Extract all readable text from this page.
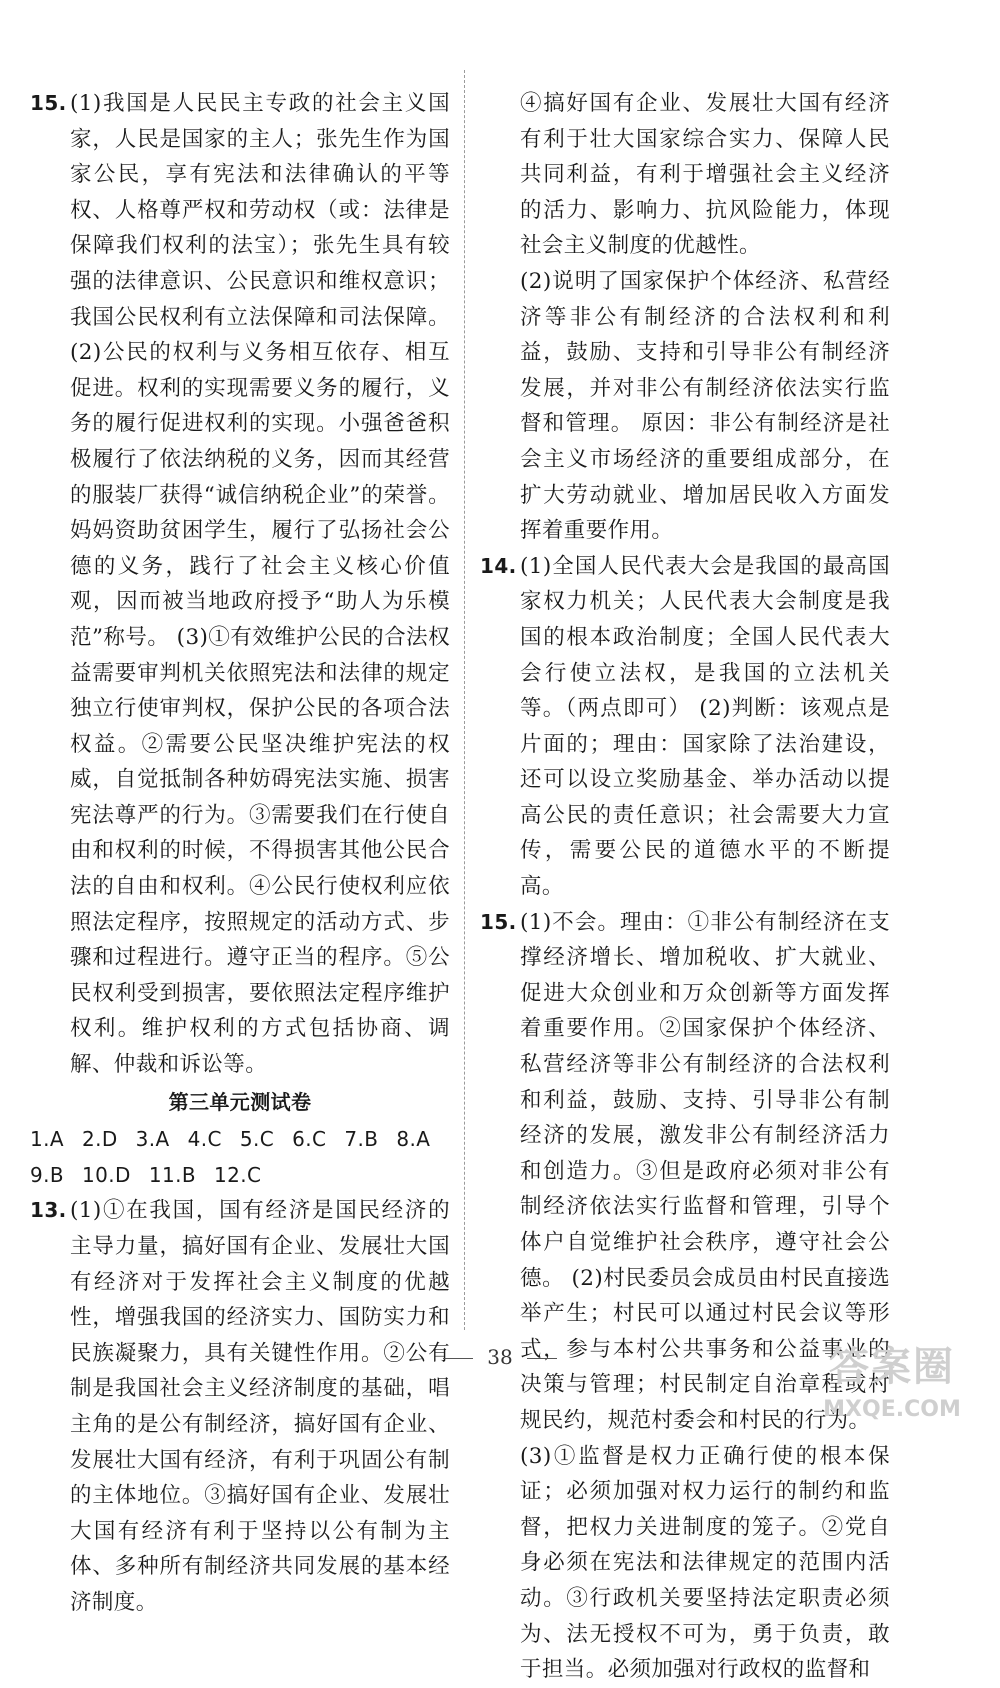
15. (1)我国是人民民主专政的社会主义国家，人民是国家的主人；张先生作为国家公民，享有宪法和法律确认的平等权、人格尊严权和劳动权（或：法律是保障我们权利的法宝）；张先生具有较强的法律意识、公民意识和维权意识；我国公民权利有立法保障和司法保障。 (2)公民的权利与义务相互依存、相互促进。权利的实现需要义务的履行，义务的履行促进权利的实现。小强爸爸积极履行了依法纳税的义务，因而其经营的服装厂获得“诚信纳税企业”的荣誉。妈妈资助贫困学生，履行了弘扬社会公德的义务，践行了社会主义核心价值观，因而被当地政府授予“助人为乐模范”称号。 (3)①有效维护公民的合法权益需要审判机关依照宪法和法律的规定独立行使审判权，保护公民的各项合法权益。②需要公民坚决维护宪法的权威，自觉抵制各种妨碍宪法实施、损害宪法尊严的行为。③需要我们在行使自由和权利的时候，不得损害其他公民合法的自由和权利。④公民行使权利应依照法定程序，按照规定的活动方式、步骤和过程进行。遵守正当的程序。⑤公民权利受到损害，要依照法定程序维护权利。维护权利的方式包括协商、调解、仲裁和诉讼等。
第三单元测试卷
1.A 2.D 3.A 4.C 5.C 6.C 7.B 8.A
9.B 10.D 11.B 12.C
13. (1)①在我国，国有经济是国民经济的主导力量，搞好国有企业、发展壮大国有经济对于发挥社会主义制度的优越性，增强我国的经济实力、国防实力和民族凝聚力，具有关键性作用。②公有制是我国社会主义经济制度的基础，唱主角的是公有制经济，搞好国有企业、发展壮大国有经济，有利于巩固公有制的主体地位。③搞好国有企业、发展壮大国有经济有利于坚持以公有制为主体、多种所有制经济共同发展的基本经济制度。
④搞好国有企业、发展壮大国有经济有利于壮大国家综合实力、保障人民共同利益，有利于增强社会主义经济的活力、影响力、抗风险能力，体现社会主义制度的优越性。
(2)说明了国家保护个体经济、私营经济等非公有制经济的合法权利和利益，鼓励、支持和引导非公有制经济发展，并对非公有制经济依法实行监督和管理。 原因：非公有制经济是社会主义市场经济的重要组成部分，在扩大劳动就业、增加居民收入方面发挥着重要作用。
14. (1)全国人民代表大会是我国的最高国家权力机关；人民代表大会制度是我国的根本政治制度；全国人民代表大会行使立法权，是我国的立法机关等。（两点即可） (2)判断：该观点是片面的；理由：国家除了法治建设，还可以设立奖励基金、举办活动以提高公民的责任意识；社会需要大力宣传，需要公民的道德水平的不断提高。
15. (1)不会。理由：①非公有制经济在支撑经济增长、增加税收、扩大就业、促进大众创业和万众创新等方面发挥着重要作用。②国家保护个体经济、私营经济等非公有制经济的合法权利和利益，鼓励、支持、引导非公有制经济的发展，激发非公有制经济活力和创造力。③但是政府必须对非公有制经济依法实行监督和管理，引导个体户自觉维护社会秩序，遵守社会公德。 (2)村民委员会成员由村民直接选举产生；村民可以通过村民会议等形式，参与本村公共事务和公益事业的决策与管理；村民制定自治章程或村规民约，规范村委会和村民的行为。
(3)①监督是权力正确行使的根本保证；必须加强对权力运行的制约和监督，把权力关进制度的笼子。②党自身必须在宪法和法律规定的范围内活动。③行政机关要坚持法定职责必须为、法无授权不可为，勇于负责，敢于担当。必须加强对行政权的监督和
38	答案圈
MXQE.COM
